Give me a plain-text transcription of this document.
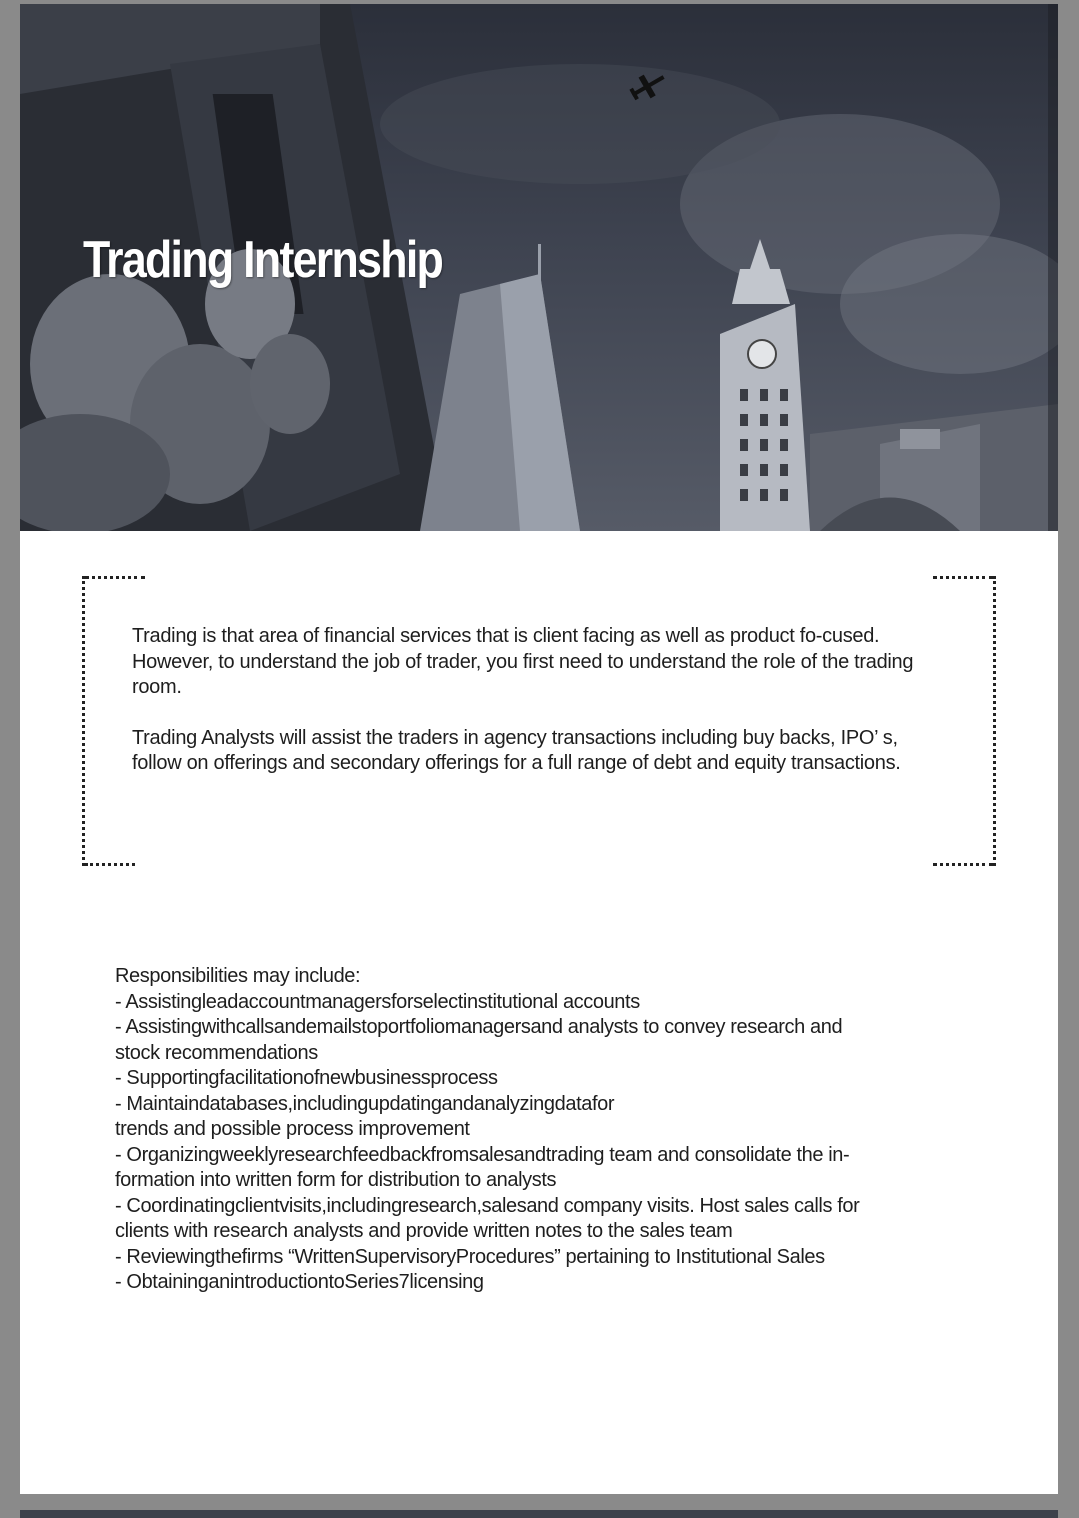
Trading Internship

Trading is that area of financial services that is client facing as well as product fo-cused. However, to understand the job of trader, you first need to understand the role of the trading room.

Trading Analysts will assist the traders in agency transactions including buy backs, IPO’ s, follow on offerings and secondary offerings for a full range of debt and equity transactions.

Responsibilities may include:
- Assistingleadaccountmanagersforselectinstitutional accounts
- Assistingwithcallsandemailstoportfoliomanagersand analysts to convey research and
stock recommendations
- Supportingfacilitationofnewbusinessprocess
- Maintaindatabases,includingupdatingandanalyzingdatafor
trends and possible process improvement
- Organizingweeklyresearchfeedbackfromsalesandtrading team and consolidate the in-
formation into written form for distribution to analysts
- Coordinatingclientvisits,includingresearch,salesand company visits. Host sales calls for
clients with research analysts and provide written notes to the sales team
- Reviewingthefirms “WrittenSupervisoryProcedures” pertaining to Institutional Sales
- ObtaininganintroductiontoSeries7licensing
